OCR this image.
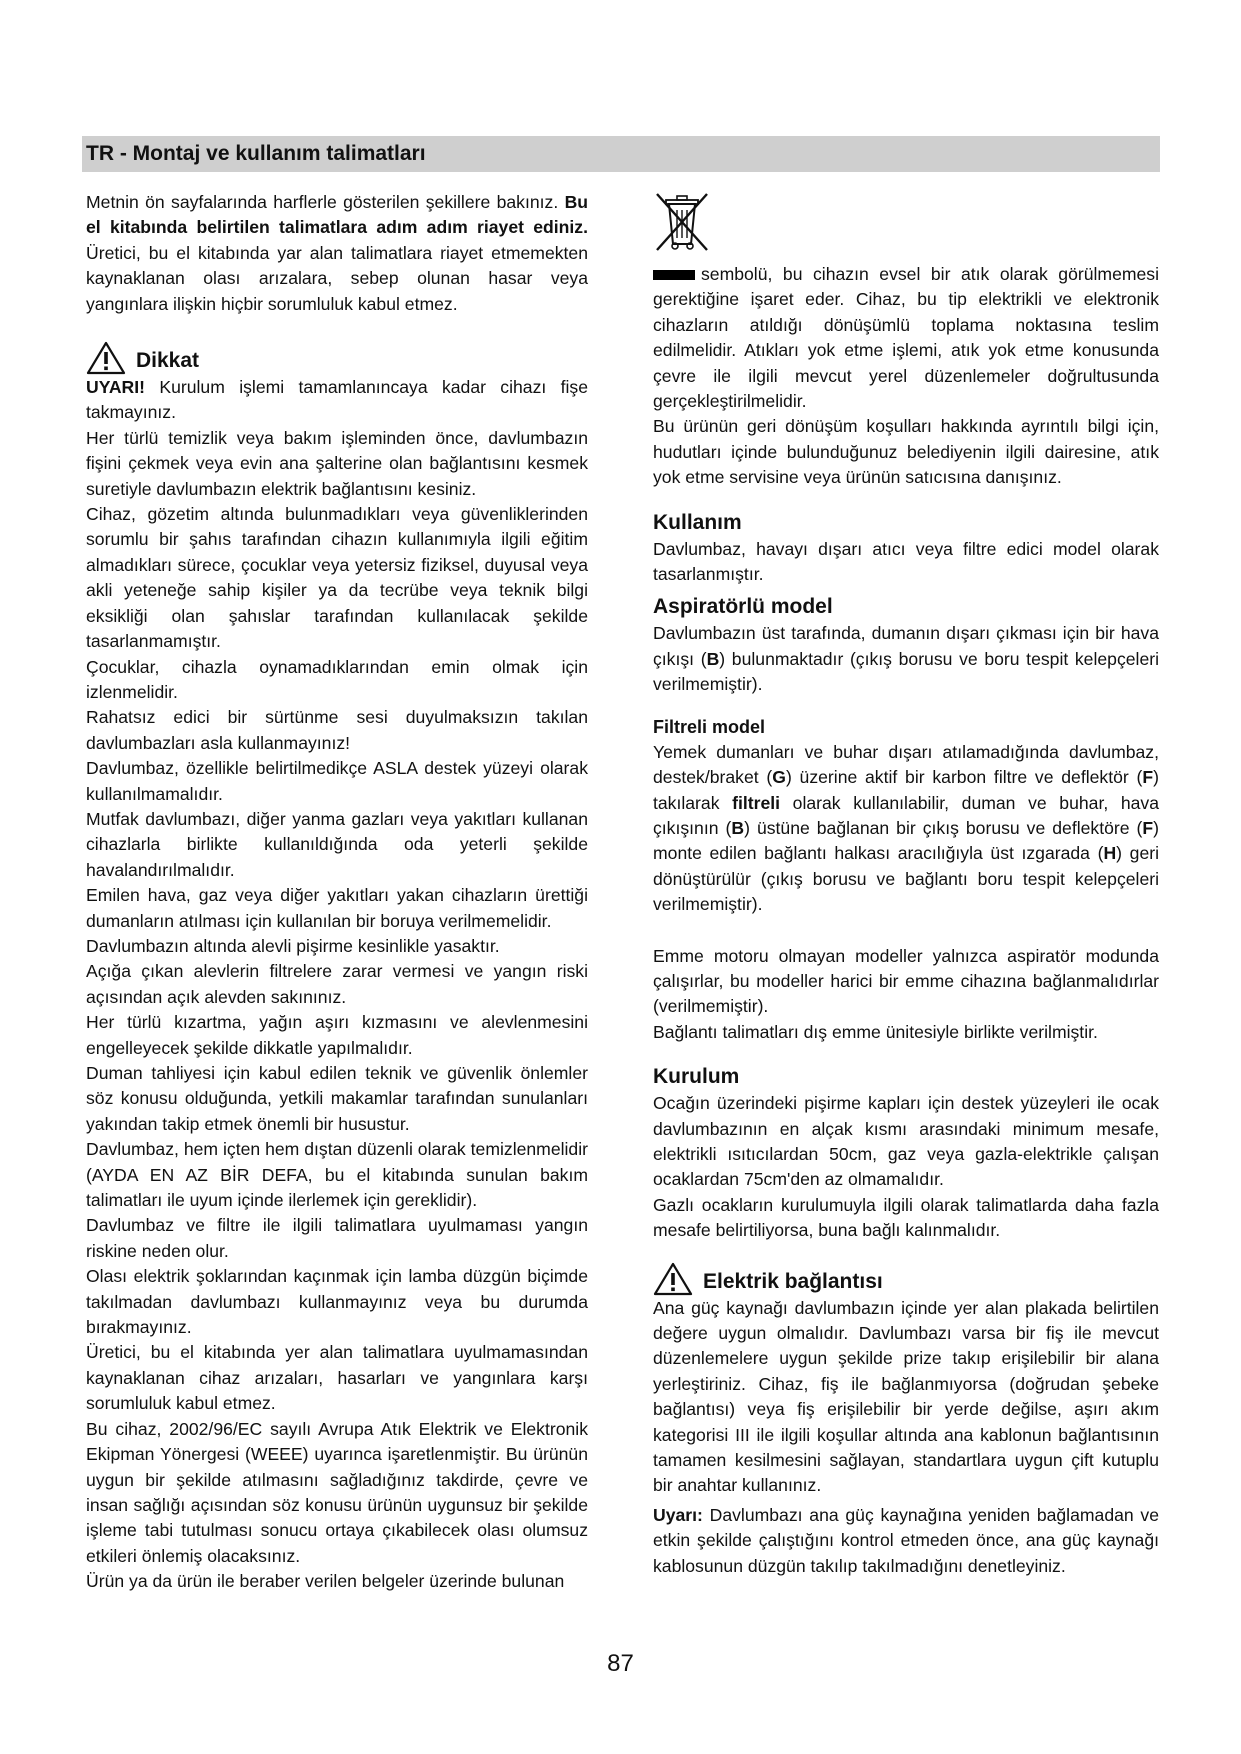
TR - Montaj ve kullanım talimatları

Metnin ön sayfalarında harflerle gösterilen şekillere bakınız. Bu el kitabında belirtilen talimatlara adım adım riayet ediniz. Üretici, bu el kitabında yar alan talimatlara riayet etmemekten kaynaklanan olası arızalara, sebep olunan hasar veya yangınlara ilişkin hiçbir sorumluluk kabul etmez.

Dikkat

UYARI! Kurulum işlemi tamamlanıncaya kadar cihazı fişe takmayınız.

Her türlü temizlik veya bakım işleminden önce, davlumbazın fişini çekmek veya evin ana şalterine olan bağlantısını kesmek suretiyle davlumbazın elektrik bağlantısını kesiniz.

Cihaz, gözetim altında bulunmadıkları veya güvenliklerinden sorumlu bir şahıs tarafından cihazın kullanımıyla ilgili eğitim almadıkları sürece, çocuklar veya yetersiz fiziksel, duyusal veya akli yeteneğe sahip kişiler ya da tecrübe veya teknik bilgi eksikliği olan şahıslar tarafından kullanılacak şekilde tasarlanmamıştır.

Çocuklar, cihazla oynamadıklarından emin olmak için izlenmelidir.

Rahatsız edici bir sürtünme sesi duyulmaksızın takılan davlumbazları asla kullanmayınız!

Davlumbaz, özellikle belirtilmedikçe ASLA destek yüzeyi olarak kullanılmamalıdır.

Mutfak davlumbazı, diğer yanma gazları veya yakıtları kullanan cihazlarla birlikte kullanıldığında oda yeterli şekilde havalandırılmalıdır.

Emilen hava, gaz veya diğer yakıtları yakan cihazların ürettiği dumanların atılması için kullanılan bir boruya verilmemelidir.

Davlumbazın altında alevli pişirme kesinlikle yasaktır.

Açığa çıkan alevlerin filtrelere zarar vermesi ve yangın riski açısından açık alevden sakınınız.

Her türlü kızartma, yağın aşırı kızmasını ve alevlenmesini engelleyecek şekilde dikkatle yapılmalıdır.

Duman tahliyesi için kabul edilen teknik ve güvenlik önlemler söz konusu olduğunda, yetkili makamlar tarafından sunulanları yakından takip etmek önemli bir husustur.

Davlumbaz, hem içten hem dıştan düzenli olarak temizlenmelidir (AYDA EN AZ BİR DEFA, bu el kitabında sunulan bakım talimatları ile uyum içinde ilerlemek için gereklidir).

Davlumbaz ve filtre ile ilgili talimatlara uyulmaması yangın riskine neden olur.

Olası elektrik şoklarından kaçınmak için lamba düzgün biçimde takılmadan davlumbazı kullanmayınız veya bu durumda bırakmayınız.

Üretici, bu el kitabında yer alan talimatlara uyulmamasından kaynaklanan cihaz arızaları, hasarları ve yangınlara karşı sorumluluk kabul etmez.

Bu cihaz, 2002/96/EC sayılı Avrupa Atık Elektrik ve Elektronik Ekipman Yönergesi (WEEE) uyarınca işaretlenmiştir. Bu ürünün uygun bir şekilde atılmasını sağladığınız takdirde, çevre ve insan sağlığı açısından söz konusu ürünün uygunsuz bir şekilde işleme tabi tutulması sonucu ortaya çıkabilecek olası olumsuz etkileri önlemiş olacaksınız.

Ürün ya da ürün ile beraber verilen belgeler üzerinde bulunan

sembolü, bu cihazın evsel bir atık olarak görülmemesi gerektiğine işaret eder. Cihaz, bu tip elektrikli ve elektronik cihazların atıldığı dönüşümlü toplama noktasına teslim edilmelidir. Atıkları yok etme işlemi, atık yok etme konusunda çevre ile ilgili mevcut yerel düzenlemeler doğrultusunda gerçekleştirilmelidir.

Bu ürünün geri dönüşüm koşulları hakkında ayrıntılı bilgi için, hudutları içinde bulunduğunuz belediyenin ilgili dairesine, atık yok etme servisine veya ürünün satıcısına danışınız.

Kullanım

Davlumbaz, havayı dışarı atıcı veya filtre edici model olarak tasarlanmıştır.

Aspiratörlü model

Davlumbazın üst tarafında, dumanın dışarı çıkması için bir hava çıkışı (B) bulunmaktadır (çıkış borusu ve boru tespit kelepçeleri verilmemiştir).

Filtreli model

Yemek dumanları ve buhar dışarı atılamadığında davlumbaz, destek/braket (G) üzerine aktif bir karbon filtre ve deflektör (F) takılarak filtreli olarak kullanılabilir, duman ve buhar, hava çıkışının (B) üstüne bağlanan bir çıkış borusu ve deflektöre (F) monte edilen bağlantı halkası aracılığıyla üst ızgarada (H) geri dönüştürülür (çıkış borusu ve bağlantı boru tespit kelepçeleri verilmemiştir).

Emme motoru olmayan modeller yalnızca aspiratör modunda çalışırlar, bu modeller harici bir emme cihazına bağlanmalıdırlar (verilmemiştir).

Bağlantı talimatları dış emme ünitesiyle birlikte verilmiştir.

Kurulum

Ocağın üzerindeki pişirme kapları için destek yüzeyleri ile ocak davlumbazının en alçak kısmı arasındaki minimum mesafe, elektrikli ısıtıcılardan 50cm, gaz veya gazla-elektrikle çalışan ocaklardan 75cm'den az olmamalıdır.

Gazlı ocakların kurulumuyla ilgili olarak talimatlarda daha fazla mesafe belirtiliyorsa, buna bağlı kalınmalıdır.

Elektrik bağlantısı

Ana güç kaynağı davlumbazın içinde yer alan plakada belirtilen değere uygun olmalıdır. Davlumbazı varsa bir fiş ile mevcut düzenlemelere uygun şekilde prize takıp erişilebilir bir alana yerleştiriniz. Cihaz, fiş ile bağlanmıyorsa (doğrudan şebeke bağlantısı) veya fiş erişilebilir bir yerde değilse, aşırı akım kategorisi III ile ilgili koşullar altında ana kablonun bağlantısının tamamen kesilmesini sağlayan, standartlara uygun çift kutuplu bir anahtar kullanınız.

Uyarı: Davlumbazı ana güç kaynağına yeniden bağlamadan ve etkin şekilde çalıştığını kontrol etmeden önce, ana güç kaynağı kablosunun düzgün takılıp takılmadığını denetleyiniz.

87
